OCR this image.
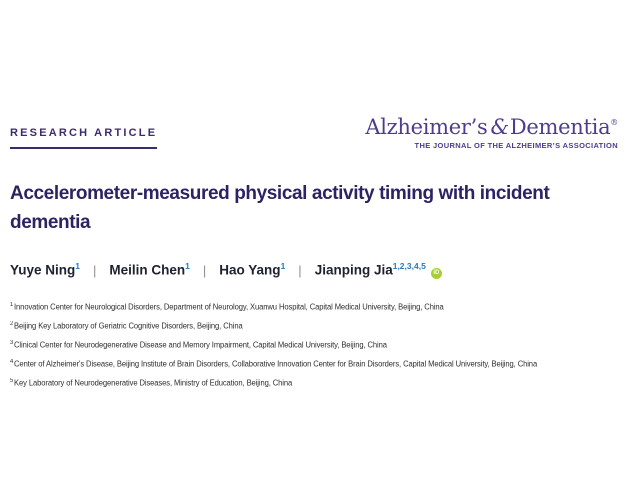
RESEARCH ARTICLE	Alzheimer’s &Dementia®
THE JOURNAL OF THE ALZHEIMER’S ASSOCIATION
Accelerometer-measured physical activity timing with incident dementia
Yuye Ning$^1$ | Meilin Chen$^1$ | Hao Yang$^1$ | Jianping Jia$^{1,2,3,4,5}$iD
$^1$Innovation Center for Neurological Disorders, Department of Neurology, Xuanwu Hospital, Capital Medical University, Beijing, China
$^2$Beijing Key Laboratory of Geriatric Cognitive Disorders, Beijing, China
$^3$Clinical Center for Neurodegenerative Disease and Memory Impairment, Capital Medical University, Beijing, China
$^4$Center of Alzheimer's Disease, Beijing Institute of Brain Disorders, Collaborative Innovation Center for Brain Disorders, Capital Medical University, Beijing, China
$^5$Key Laboratory of Neurodegenerative Diseases, Ministry of Education, Beijing, China
